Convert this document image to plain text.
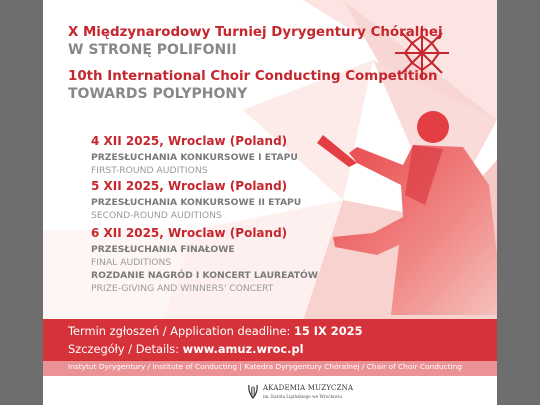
X Międzynarodowy Turniej Dyrygentury Chóralnej
W STRONĘ POLIFONII
10th International Choir Conducting Competition
TOWARDS POLYPHONY
4 XII 2025, Wroclaw (Poland)
PRZESŁUCHANIA KONKURSOWE I ETAPU
FIRST-ROUND AUDITIONS
5 XII 2025, Wroclaw (Poland)
PRZESŁUCHANIA KONKURSOWE II ETAPU
SECOND-ROUND AUDITIONS
6 XII 2025, Wroclaw (Poland)
PRZESŁUCHANIA FINAŁOWE
FINAL AUDITIONS
ROZDANIE NAGRÓD I KONCERT LAUREATÓW
PRIZE-GIVING AND WINNERS' CONCERT
Termin zgłoszeń / Application deadline: 15 IX 2025
Szczegóły / Details: www.amuz.wroc.pl
Instytut Dyrygentury / Institute of Conducting | Katedra Dyrygentury Chóralnej / Chair of Choir Conducting
AKADEMIA MUZYCZNA
im. Karola Lipińskiego we Wrocławiu
